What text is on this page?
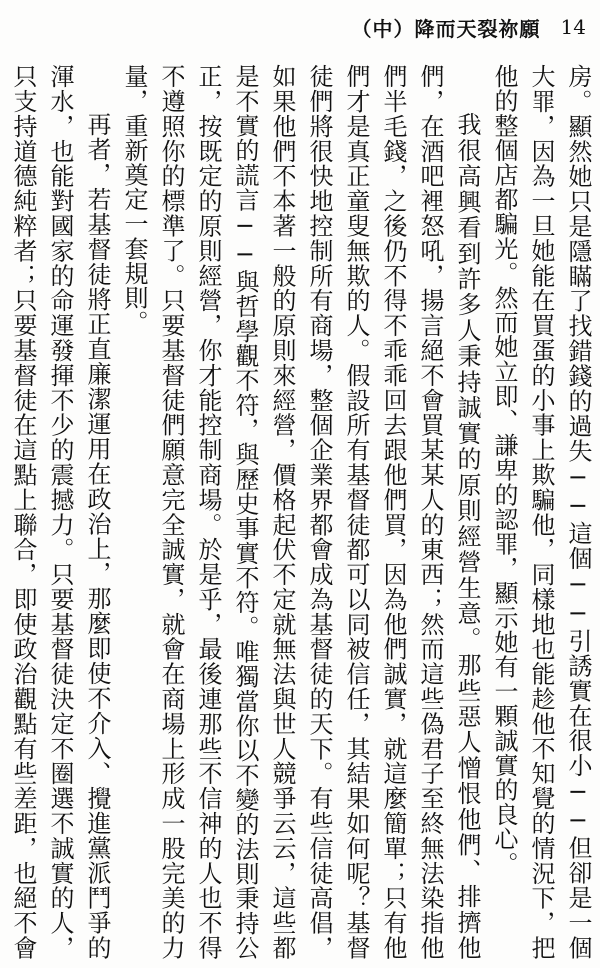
（中）降而天裂祢願 14

房。顯然她只是隱瞞了找錯錢的過失──這個──引誘實在很小──但卻是一個大罪，因為一旦她能在買蛋的小事上欺騙他，同樣地也能趁他不知覺的情況下，把他的整個店都騙光。然而她立即、謙卑的認罪，顯示她有一顆誠實的良心。

我很高興看到許多人秉持誠實的原則經營生意。那些惡人憎恨他們、排擠他們，在酒吧裡怒吼，揚言絕不會買某某人的東西；然而這些偽君子至終無法染指他們半毛錢，之後仍不得不乖乖回去跟他們買，因為他們誠實，就這麼簡單；只有他們才是真正童叟無欺的人。假設所有基督徒都可以同被信任，其結果如何呢？基督徒們將很快地控制所有商場，整個企業界都會成為基督徒的天下。有些信徒高倡，如果他們不本著一般的原則來經營，價格起伏不定就無法與世人競爭云云，這些都是不實的謊言──與哲學觀不符，與歷史事實不符。唯獨當你以不變的法則秉持公正，按既定的原則經營，你才能控制商場。於是乎，最後連那些不信神的人也不得不遵照你的標準了。只要基督徒們願意完全誠實，就會在商場上形成一股完美的力量，重新奠定一套規則。

再者，若基督徒將正直廉潔運用在政治上，那麼即使不介入、攪進黨派鬥爭的渾水，也能對國家的命運發揮不少的震撼力。只要基督徒決定不圈選不誠實的人，只支持道德純粹者；只要基督徒在這點上聯合，即使政治觀點有些差距，也絕不會
